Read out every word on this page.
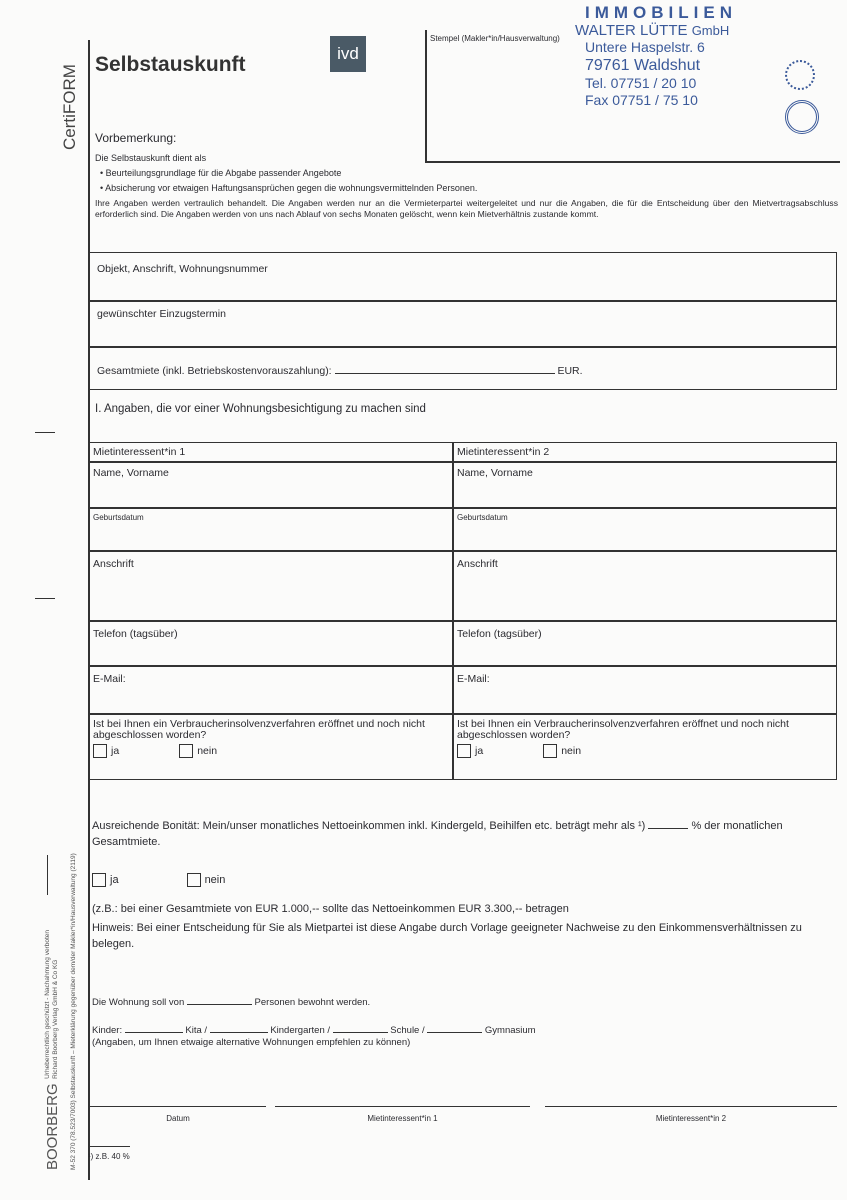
CertiFORM
BOORBERG Urheberrechtlich geschützt - Nachahmung verboten
Richard Boorberg Verlag GmbH & Co KG M-52 370 (78.523/7003) Selbstauskunft – Mieterklärung gegenüber dem/der Makler*in/Hausverwaltung (2119)
Selbstauskunft	ivd
Stempel (Makler*in/Hausverwaltung)
IMMOBILIEN
WALTER LÜTTE GmbH
Untere Haspelstr. 6
79761 Waldshut
Tel. 07751 / 20 10
Fax 07751 / 75 10
Vorbemerkung:
Die Selbstauskunft dient als
• Beurteilungsgrundlage für die Abgabe passender Angebote
• Absicherung vor etwaigen Haftungsansprüchen gegen die wohnungsvermittelnden Personen.
Ihre Angaben werden vertraulich behandelt. Die Angaben werden nur an die Vermieterpartei weitergeleitet und nur die Angaben, die für die Entscheidung über den Mietvertragsabschluss erforderlich sind. Die Angaben werden von uns nach Ablauf von sechs Monaten gelöscht, wenn kein Mietverhältnis zustande kommt.
Objekt, Anschrift, Wohnungsnummer
gewünschter Einzugstermin
Gesamtmiete (inkl. Betriebskostenvorauszahlung):	EUR.
I. Angaben, die vor einer Wohnungsbesichtigung zu machen sind
Mietinteressent*in 1	Mietinteressent*in 2
Name, Vorname	Name, Vorname
Geburtsdatum	Geburtsdatum
Anschrift	Anschrift
Telefon (tagsüber)	Telefon (tagsüber)
E-Mail:	E-Mail:
Ist bei Ihnen ein Verbraucherinsolvenzverfahren eröffnet und noch nicht abgeschlossen worden?
ja	nein
Ist bei Ihnen ein Verbraucherinsolvenzverfahren eröffnet und noch nicht abgeschlossen worden?
ja	nein
Ausreichende Bonität: Mein/unser monatliches Nettoeinkommen inkl. Kindergeld, Beihilfen etc. beträgt mehr als ¹)	% der monatlichen Gesamtmiete.
ja	nein
(z.B.: bei einer Gesamtmiete von EUR 1.000,-- sollte das Nettoeinkommen EUR 3.300,-- betragen
Hinweis: Bei einer Entscheidung für Sie als Mietpartei ist diese Angabe durch Vorlage geeigneter Nachweise zu den Einkommensverhältnissen zu belegen.
Die Wohnung soll von	Personen bewohnt werden.
Kinder:	Kita /	Kindergarten /	Schule /	Gymnasium
(Angaben, um Ihnen etwaige alternative Wohnungen empfehlen zu können)
Datum	Mietinteressent*in 1	Mietinteressent*in 2
¹) z.B. 40 %
